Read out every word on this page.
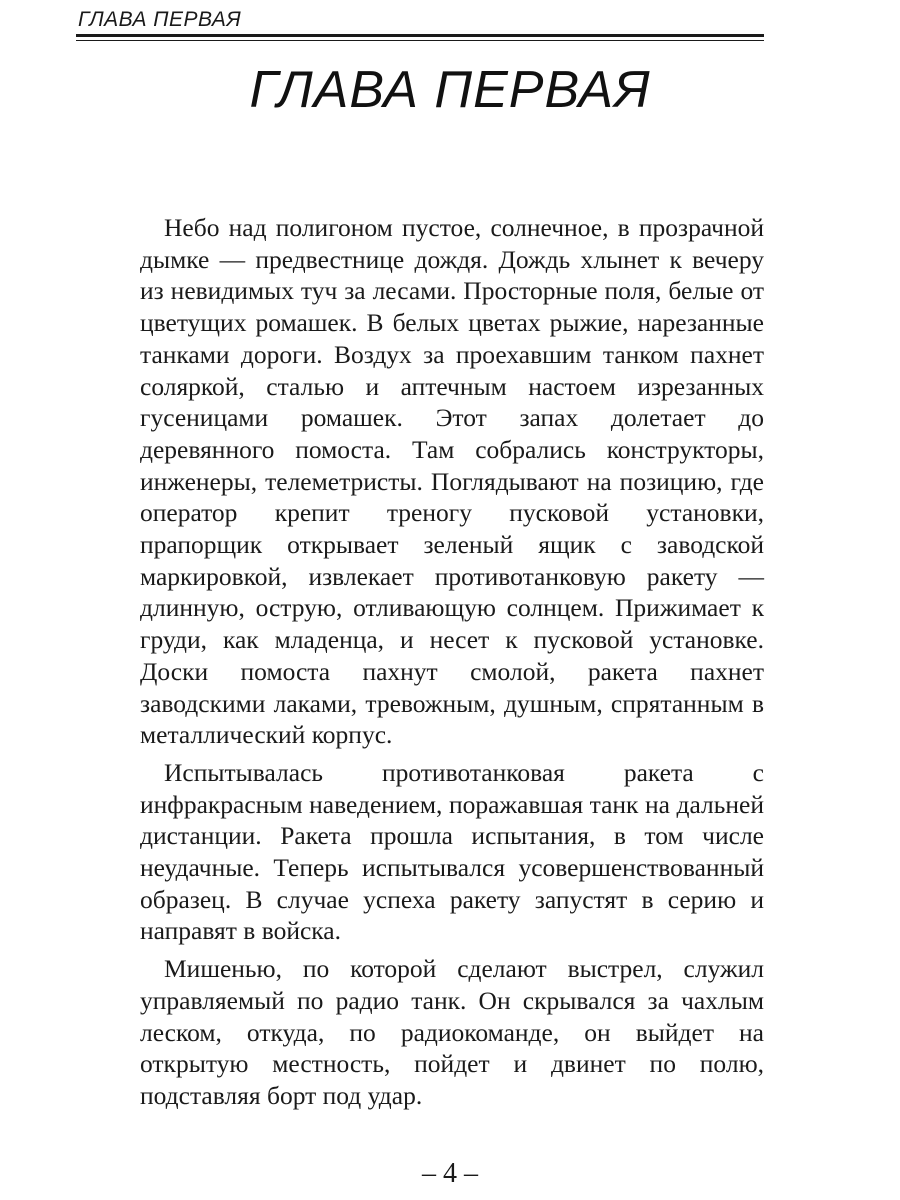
ГЛАВА ПЕРВАЯ
ГЛАВА ПЕРВАЯ

Небо над полигоном пустое, солнечное, в прозрачной дымке — предвестнице дождя. Дождь хлынет к вечеру из невидимых туч за лесами. Просторные поля, белые от цветущих ромашек. В белых цветах рыжие, нарезанные танками дороги. Воздух за проехавшим танком пахнет соляркой, сталью и аптечным настоем изрезанных гусеницами ромашек. Этот запах долетает до деревянного помоста. Там собрались конструкторы, инженеры, телеметристы. Поглядывают на позицию, где оператор крепит треногу пусковой установки, прапорщик открывает зеленый ящик с заводской маркировкой, извлекает противотанковую ракету — длинную, острую, отливающую солнцем. Прижимает к груди, как младенца, и несет к пусковой установке. Доски помоста пахнут смолой, ракета пахнет заводскими лаками, тревожным, душным, спрятанным в металлический корпус.

Испытывалась противотанковая ракета с инфракрасным наведением, поражавшая танк на дальней дистанции. Ракета прошла испытания, в том числе неудачные. Теперь испытывался усовершенствованный образец. В случае успеха ракету запустят в серию и направят в войска.

Мишенью, по которой сделают выстрел, служил управляемый по радио танк. Он скрывался за чахлым леском, откуда, по радиокоманде, он выйдет на открытую местность, пойдет и двинет по полю, подставляя борт под удар.

– 4 –
